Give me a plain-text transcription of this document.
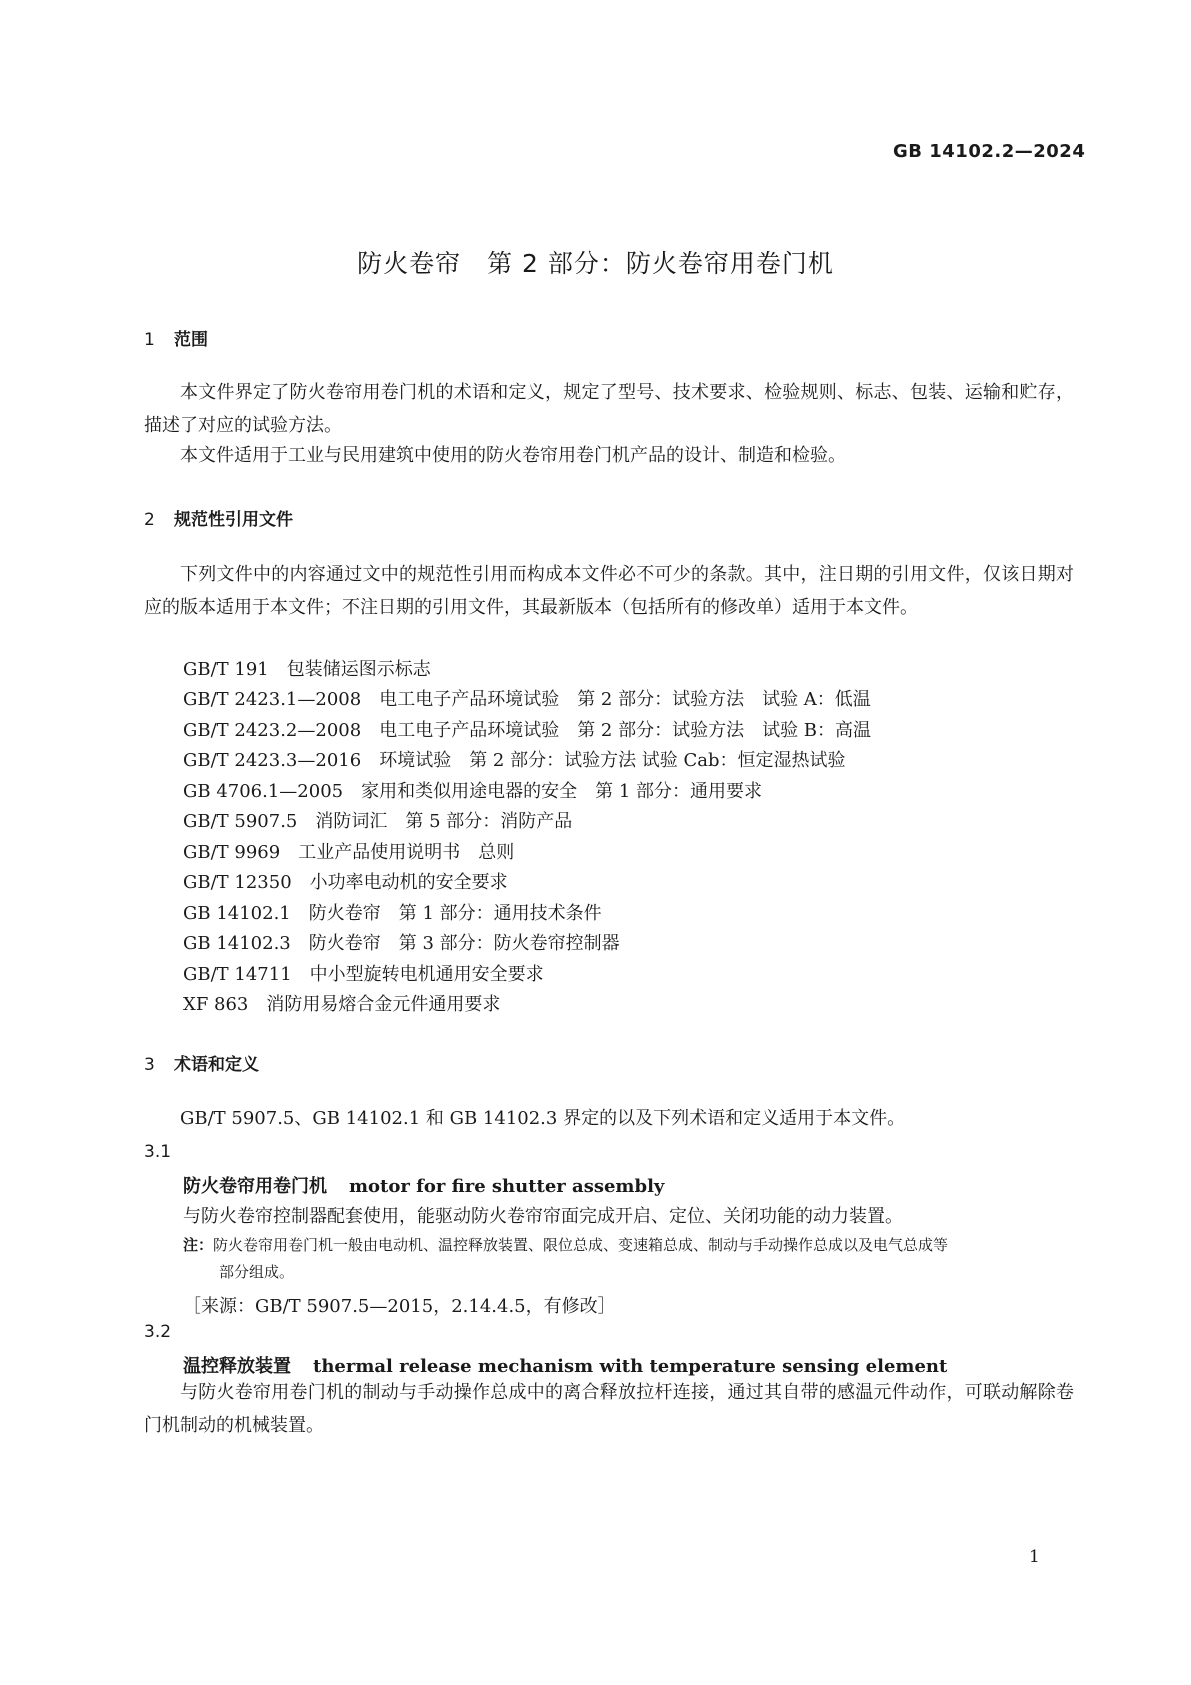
GB 14102.2—2024
防火卷帘　第 2 部分：防火卷帘用卷门机
1 范围
本文件界定了防火卷帘用卷门机的术语和定义，规定了型号、技术要求、检验规则、标志、包装、运输和贮存，描述了对应的试验方法。
本文件适用于工业与民用建筑中使用的防火卷帘用卷门机产品的设计、制造和检验。
2 规范性引用文件
下列文件中的内容通过文中的规范性引用而构成本文件必不可少的条款。其中，注日期的引用文件，仅该日期对应的版本适用于本文件；不注日期的引用文件，其最新版本（包括所有的修改单）适用于本文件。
GB/T 191　包装储运图示标志
GB/T 2423.1—2008　电工电子产品环境试验　第 2 部分：试验方法　试验 A：低温
GB/T 2423.2—2008　电工电子产品环境试验　第 2 部分：试验方法　试验 B：高温
GB/T 2423.3—2016　环境试验　第 2 部分：试验方法 试验 Cab：恒定湿热试验
GB 4706.1—2005　家用和类似用途电器的安全　第 1 部分：通用要求
GB/T 5907.5　消防词汇　第 5 部分：消防产品
GB/T 9969　工业产品使用说明书　总则
GB/T 12350　小功率电动机的安全要求
GB 14102.1　防火卷帘　第 1 部分：通用技术条件
GB 14102.3　防火卷帘　第 3 部分：防火卷帘控制器
GB/T 14711　中小型旋转电机通用安全要求
XF 863　消防用易熔合金元件通用要求
3 术语和定义
GB/T 5907.5、GB 14102.1 和 GB 14102.3 界定的以及下列术语和定义适用于本文件。
3.1
防火卷帘用卷门机 motor for fire shutter assembly
与防火卷帘控制器配套使用，能驱动防火卷帘帘面完成开启、定位、关闭功能的动力装置。
注：防火卷帘用卷门机一般由电动机、温控释放装置、限位总成、变速箱总成、制动与手动操作总成以及电气总成等
部分组成。
［来源：GB/T 5907.5—2015，2.14.4.5，有修改］
3.2
温控释放装置 thermal release mechanism with temperature sensing element
与防火卷帘用卷门机的制动与手动操作总成中的离合释放拉杆连接，通过其自带的感温元件动作，可联动解除卷门机制动的机械装置。
1
